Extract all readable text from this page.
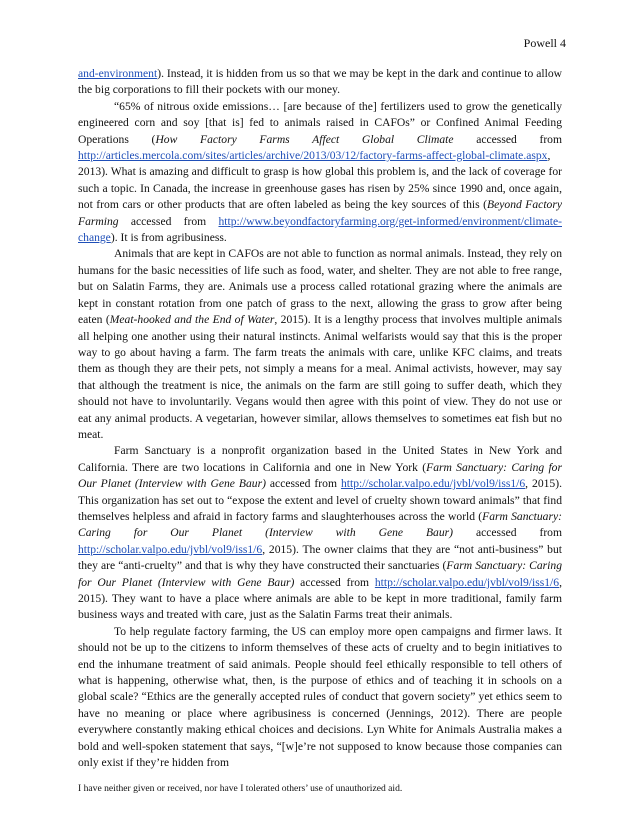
Powell 4

and-environment). Instead, it is hidden from us so that we may be kept in the dark and continue to allow the big corporations to fill their pockets with our money.

“65% of nitrous oxide emissions… [are because of the] fertilizers used to grow the genetically engineered corn and soy [that is] fed to animals raised in CAFOs” or Confined Animal Feeding Operations (How Factory Farms Affect Global Climate accessed from http://articles.mercola.com/sites/articles/archive/2013/03/12/factory-farms-affect-global-climate.aspx, 2013). What is amazing and difficult to grasp is how global this problem is, and the lack of coverage for such a topic. In Canada, the increase in greenhouse gases has risen by 25% since 1990 and, once again, not from cars or other products that are often labeled as being the key sources of this (Beyond Factory Farming accessed from http://www.beyondfactoryfarming.org/get-informed/environment/climate-change). It is from agribusiness.

Animals that are kept in CAFOs are not able to function as normal animals. Instead, they rely on humans for the basic necessities of life such as food, water, and shelter. They are not able to free range, but on Salatin Farms, they are. Animals use a process called rotational grazing where the animals are kept in constant rotation from one patch of grass to the next, allowing the grass to grow after being eaten (Meat-hooked and the End of Water, 2015). It is a lengthy process that involves multiple animals all helping one another using their natural instincts. Animal welfarists would say that this is the proper way to go about having a farm. The farm treats the animals with care, unlike KFC claims, and treats them as though they are their pets, not simply a means for a meal. Animal activists, however, may say that although the treatment is nice, the animals on the farm are still going to suffer death, which they should not have to involuntarily. Vegans would then agree with this point of view. They do not use or eat any animal products. A vegetarian, however similar, allows themselves to sometimes eat fish but no meat.

Farm Sanctuary is a nonprofit organization based in the United States in New York and California. There are two locations in California and one in New York (Farm Sanctuary: Caring for Our Planet (Interview with Gene Baur) accessed from http://scholar.valpo.edu/jvbl/vol9/iss1/6, 2015). This organization has set out to “expose the extent and level of cruelty shown toward animals” that find themselves helpless and afraid in factory farms and slaughterhouses across the world (Farm Sanctuary: Caring for Our Planet (Interview with Gene Baur) accessed from http://scholar.valpo.edu/jvbl/vol9/iss1/6, 2015). The owner claims that they are “not anti-business” but they are “anti-cruelty” and that is why they have constructed their sanctuaries (Farm Sanctuary: Caring for Our Planet (Interview with Gene Baur) accessed from http://scholar.valpo.edu/jvbl/vol9/iss1/6, 2015). They want to have a place where animals are able to be kept in more traditional, family farm business ways and treated with care, just as the Salatin Farms treat their animals.

To help regulate factory farming, the US can employ more open campaigns and firmer laws. It should not be up to the citizens to inform themselves of these acts of cruelty and to begin initiatives to end the inhumane treatment of said animals. People should feel ethically responsible to tell others of what is happening, otherwise what, then, is the purpose of ethics and of teaching it in schools on a global scale? “Ethics are the generally accepted rules of conduct that govern society” yet ethics seem to have no meaning or place where agribusiness is concerned (Jennings, 2012). There are people everywhere constantly making ethical choices and decisions. Lyn White for Animals Australia makes a bold and well-spoken statement that says, “[w]e’re not supposed to know because those companies can only exist if they’re hidden from

I have neither given or received, nor have I tolerated others’ use of unauthorized aid.
